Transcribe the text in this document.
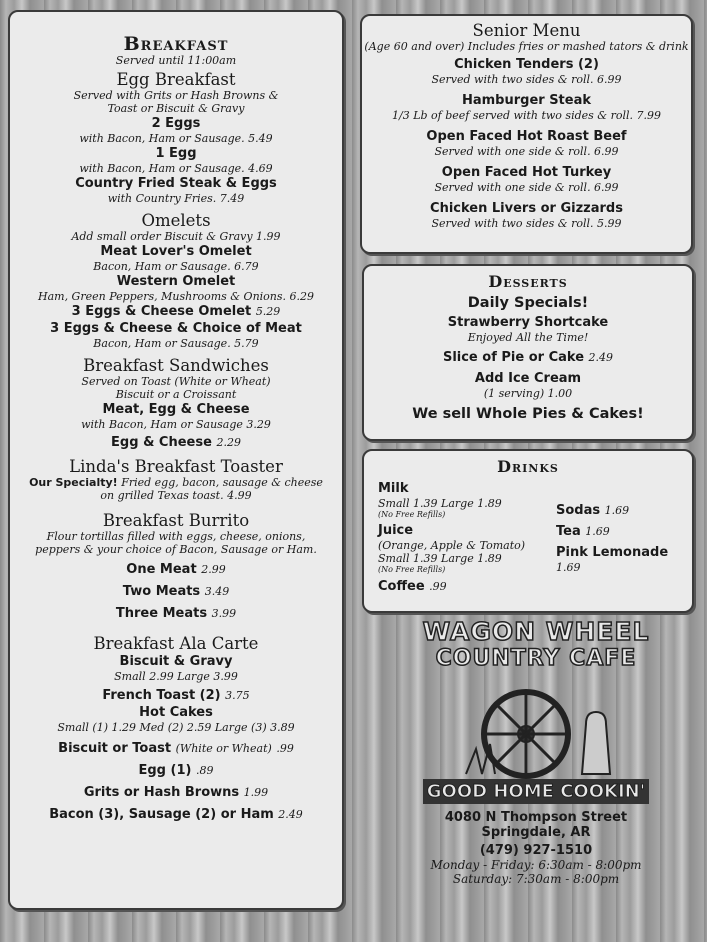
Breakfast
Served until 11:00am
Egg Breakfast
Served with Grits or Hash Browns &
Toast or Biscuit & Gravy
2 Eggs
with Bacon, Ham or Sausage. 5.49
1 Egg
with Bacon, Ham or Sausage. 4.69
Country Fried Steak & Eggs
with Country Fries. 7.49
Omelets
Add small order Biscuit & Gravy 1.99
Meat Lover's Omelet
Bacon, Ham or Sausage. 6.79
Western Omelet
Ham, Green Peppers, Mushrooms & Onions. 6.29
3 Eggs & Cheese Omelet 5.29
3 Eggs & Cheese & Choice of Meat
Bacon, Ham or Sausage. 5.79
Breakfast Sandwiches
Served on Toast (White or Wheat)
Biscuit or a Croissant
Meat, Egg & Cheese
with Bacon, Ham or Sausage 3.29
Egg & Cheese 2.29
Linda's Breakfast Toaster
Our Specialty! Fried egg, bacon, sausage & cheese
on grilled Texas toast. 4.99
Breakfast Burrito
Flour tortillas filled with eggs, cheese, onions,
peppers & your choice of Bacon, Sausage or Ham.
One Meat 2.99
Two Meats 3.49
Three Meats 3.99
Breakfast Ala Carte
Biscuit & Gravy
Small 2.99 Large 3.99
French Toast (2) 3.75
Hot Cakes
Small (1) 1.29 Med (2) 2.59 Large (3) 3.89
Biscuit or Toast (White or Wheat) .99
Egg (1) .89
Grits or Hash Browns 1.99
Bacon (3), Sausage (2) or Ham 2.49
Senior Menu
(Age 60 and over) Includes fries or mashed tators & drink
Chicken Tenders (2)
Served with two sides & roll. 6.99
Hamburger Steak
1/3 Lb of beef served with two sides & roll. 7.99
Open Faced Hot Roast Beef
Served with one side & roll. 6.99
Open Faced Hot Turkey
Served with one side & roll. 6.99
Chicken Livers or Gizzards
Served with two sides & roll. 5.99
Desserts
Daily Specials!
Strawberry Shortcake
Enjoyed All the Time!
Slice of Pie or Cake 2.49
Add Ice Cream
(1 serving) 1.00
We sell Whole Pies & Cakes!
Drinks
Milk
Small 1.39 Large 1.89
(No Free Refills)
Juice
(Orange, Apple & Tomato)
Small 1.39 Large 1.89
(No Free Refills)
Coffee .99
Sodas 1.69
Tea 1.69
Pink Lemonade
1.69
WAGON WHEEL
COUNTRY CAFE
GOOD HOME COOKIN'
4080 N Thompson Street
Springdale, AR
(479) 927-1510
Monday - Friday: 6:30am - 8:00pm
Saturday: 7:30am - 8:00pm
